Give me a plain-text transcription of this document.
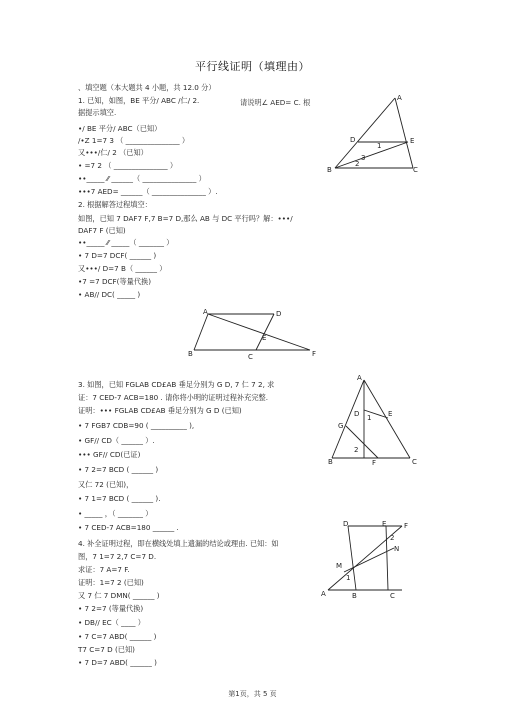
平行线证明（填理由）
、填空题（本大题共 4 小题，共 12.0 分）
1. 已知，如图，BE 平分/ ABC /仁/ 2.
据提示填空.
•/ BE 平分/ ABC（已知）
/•Z 1=7 3 （ _______________ ）
又•••/仁/ 2 （已知）
• =7 2 （ _______________ ）
••_____ ⁄⁄ ______（ _______________ ）
•••7 AED= ______（ _______________ ）.
2. 根据解答过程填空：
如图，已知 7 DAF7 F,7 B=7 D,那么 AB 与 DC 平行吗？解：•••/
DAF7 F (已知)
••_____ ⁄⁄ _____（ _______ ）
• 7 D=7 DCF( ______ )
又•••/ D=7 B（ ______ ）
•7 =7 DCF(等量代换)
• AB// DC( _____ )
3. 如图，已知 FGLAB CD£AB 垂足分别为 G D, 7 仁 7 2, 求
证：7 CED-7 ACB=180 . 请你将小明的证明过程补充完整.
证明：••• FGLAB CD£AB 垂足分别为 G D (已知)
• 7 FGB7 CDB=90 ( __________ ),
• GF// CD（ ______ ）.
••• GF// CD(已证)
• 7 2=7 BCD ( ______ )
又仁 72 (已知)，
• 7 1=7 BCD ( ______ ).
• _____ ，（ _______ ）
• 7 CED-7 ACB=180 ______ .
4. 补全证明过程，即在横线处填上遗漏的结论或理由. 已知：如
图，7 1=7 2,7 C=7 D.
求证：7 A=7 F.
证明：1=7 2 (已知)
又 7 仁 7 DMN( ______ )
• 7 2=7 (等量代换)
• DB// EC（ ____ ）
• 7 C=7 ABD( ______ )
T7 C=7 D (已知)
• 7 D=7 ABD( ______ )
请说明∠ AED= C. 根	A
B	C
D	E
1
2
3
A	D
B	C	F
E
A
D	E
G
B	F	C
1
2
D	E	F
A	B	C
M
N
1
2
第1页，共 5 页
